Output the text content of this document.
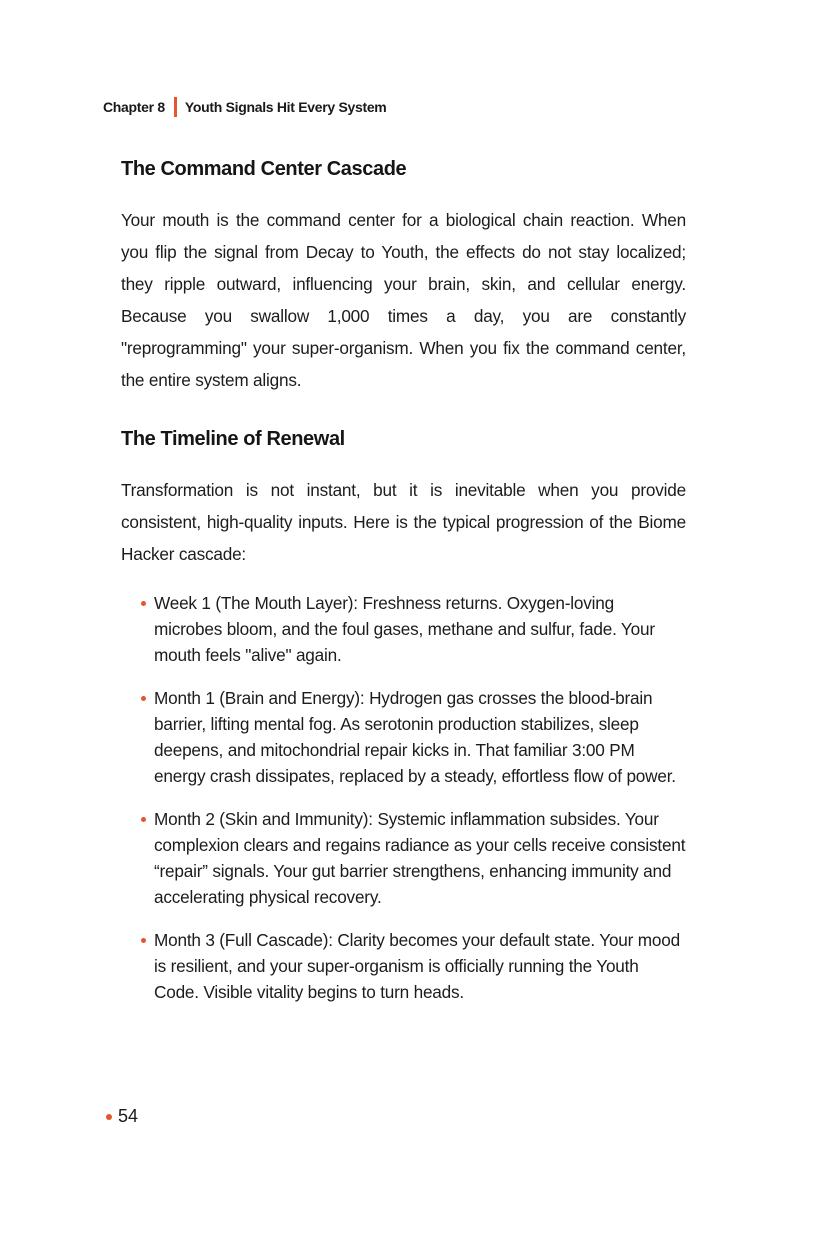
Chapter 8 Youth Signals Hit Every System
The Command Center Cascade

Your mouth is the command center for a biological chain reaction. When you flip the signal from Decay to Youth, the effects do not stay localized; they ripple outward, influencing your brain, skin, and cellular energy. Because you swallow 1,000 times a day, you are constantly "reprogramming" your super-organism. When you fix the command center, the entire system aligns.

The Timeline of Renewal

Transformation is not instant, but it is inevitable when you provide consistent, high-quality inputs. Here is the typical progression of the Biome Hacker cascade:

Week 1 (The Mouth Layer): Freshness returns. Oxygen-loving microbes bloom, and the foul gases, methane and sulfur, fade. Your mouth feels "alive" again.
Month 1 (Brain and Energy): Hydrogen gas crosses the blood-brain barrier, lifting mental fog. As serotonin production stabilizes, sleep deepens, and mitochondrial repair kicks in. That familiar 3:00 PM energy crash dissipates, replaced by a steady, effortless flow of power.
Month 2 (Skin and Immunity): Systemic inflammation subsides. Your complexion clears and regains radiance as your cells receive consistent “repair” signals. Your gut barrier strengthens, enhancing immunity and accelerating physical recovery.
Month 3 (Full Cascade): Clarity becomes your default state. Your mood is resilient, and your super-organism is officially running the Youth Code. Visible vitality begins to turn heads.
54
